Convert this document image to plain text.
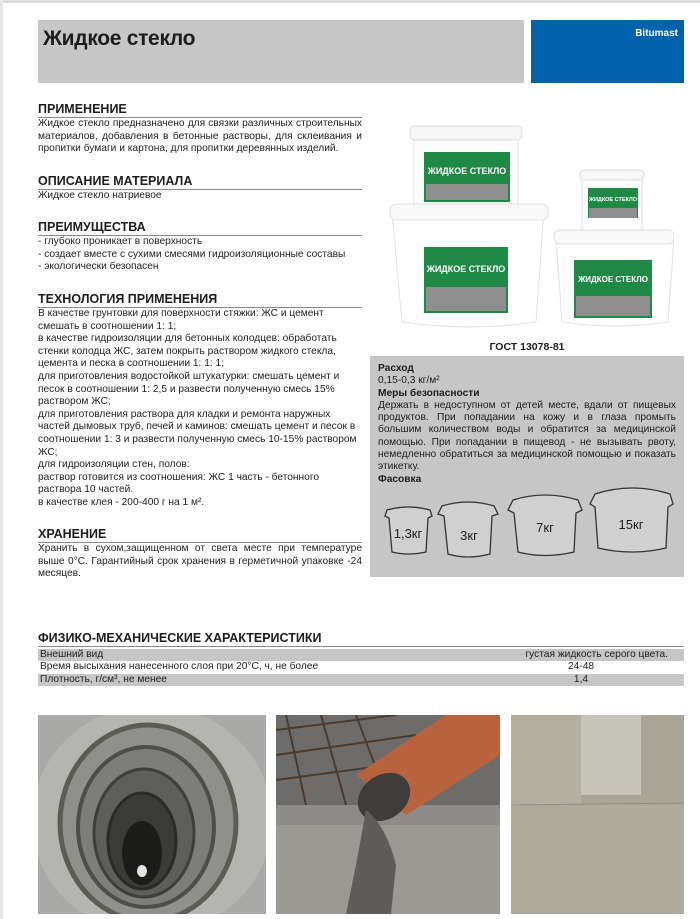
Жидкое стекло	Bitumast
ПРИМЕНЕНИЕ

Жидкое стекло предназначено для связки различных строительных материалов, добавления в бетонные растворы, для склеивания и пропитки бумаги и картона, для пропитки деревянных изделий.

ОПИСАНИЕ МАТЕРИАЛА

Жидкое стекло натриевое

ПРЕИМУЩЕСТВА

- глубоко проникает в поверхность

- создает вместе с сухими смесями гидроизоляционные составы

- экологически безопасен

ТЕХНОЛОГИЯ ПРИМЕНЕНИЯ

В качестве грунтовки для поверхности стяжки: ЖС и цемент смешать в соотношении 1: 1;

в качестве гидроизоляции для бетонных колодцев: обработать стенки колодца ЖС, затем покрыть раствором жидкого стекла, цемента и песка в соотношении 1: 1: 1;

для приготовления водостойкой штукатурки: смешать цемент и песок в соотношении 1: 2,5 и развести полученную смесь 15% раствором ЖС;

для приготовления раствора для кладки и ремонта наружных частей дымовых труб, печей и каминов: смешать цемент и песок в соотношении 1: 3 и развести полученную смесь 10-15% раствором ЖС;

для гидроизоляции стен, полов:

раствор готовится из соотношения: ЖС 1 часть - бетонного раствора 10 частей.

в качестве клея - 200-400 г на 1 м².

ХРАНЕНИЕ

Хранить в сухом,защищенном от света месте при температуре выше 0°С. Гарантийный срок хранения в герметичной упаковке -24 месяцев.

ЖИДКОЕ СТЕКЛО
ЖИДКОЕ СТЕКЛО
ЖИДКОЕ СТЕКЛО
ЖИДКОЕ СТЕКЛО
ГОСТ 13078-81
Расход
0,15-0,3 кг/м²
Меры безопасности
Держать в недоступном от детей месте, вдали от пищевых продуктов. При попадании на кожу и в глаза промыть большим количеством воды и обратится за медицинской помощью. При попадании в пищевод - не вызывать рвоту, немедленно обратиться за медицинской помощью и показать этикетку.
Фасовка
1,3кг	3кг
7кг	15кг
ФИЗИКО-МЕХАНИЧЕСКИЕ ХАРАКТЕРИСТИКИ
Внешний вид	густая жидкость серого цвета.
Время высыхания нанесенного слоя при 20°С, ч, не более	24-48
Плотность, г/см³, не менее	1,4
